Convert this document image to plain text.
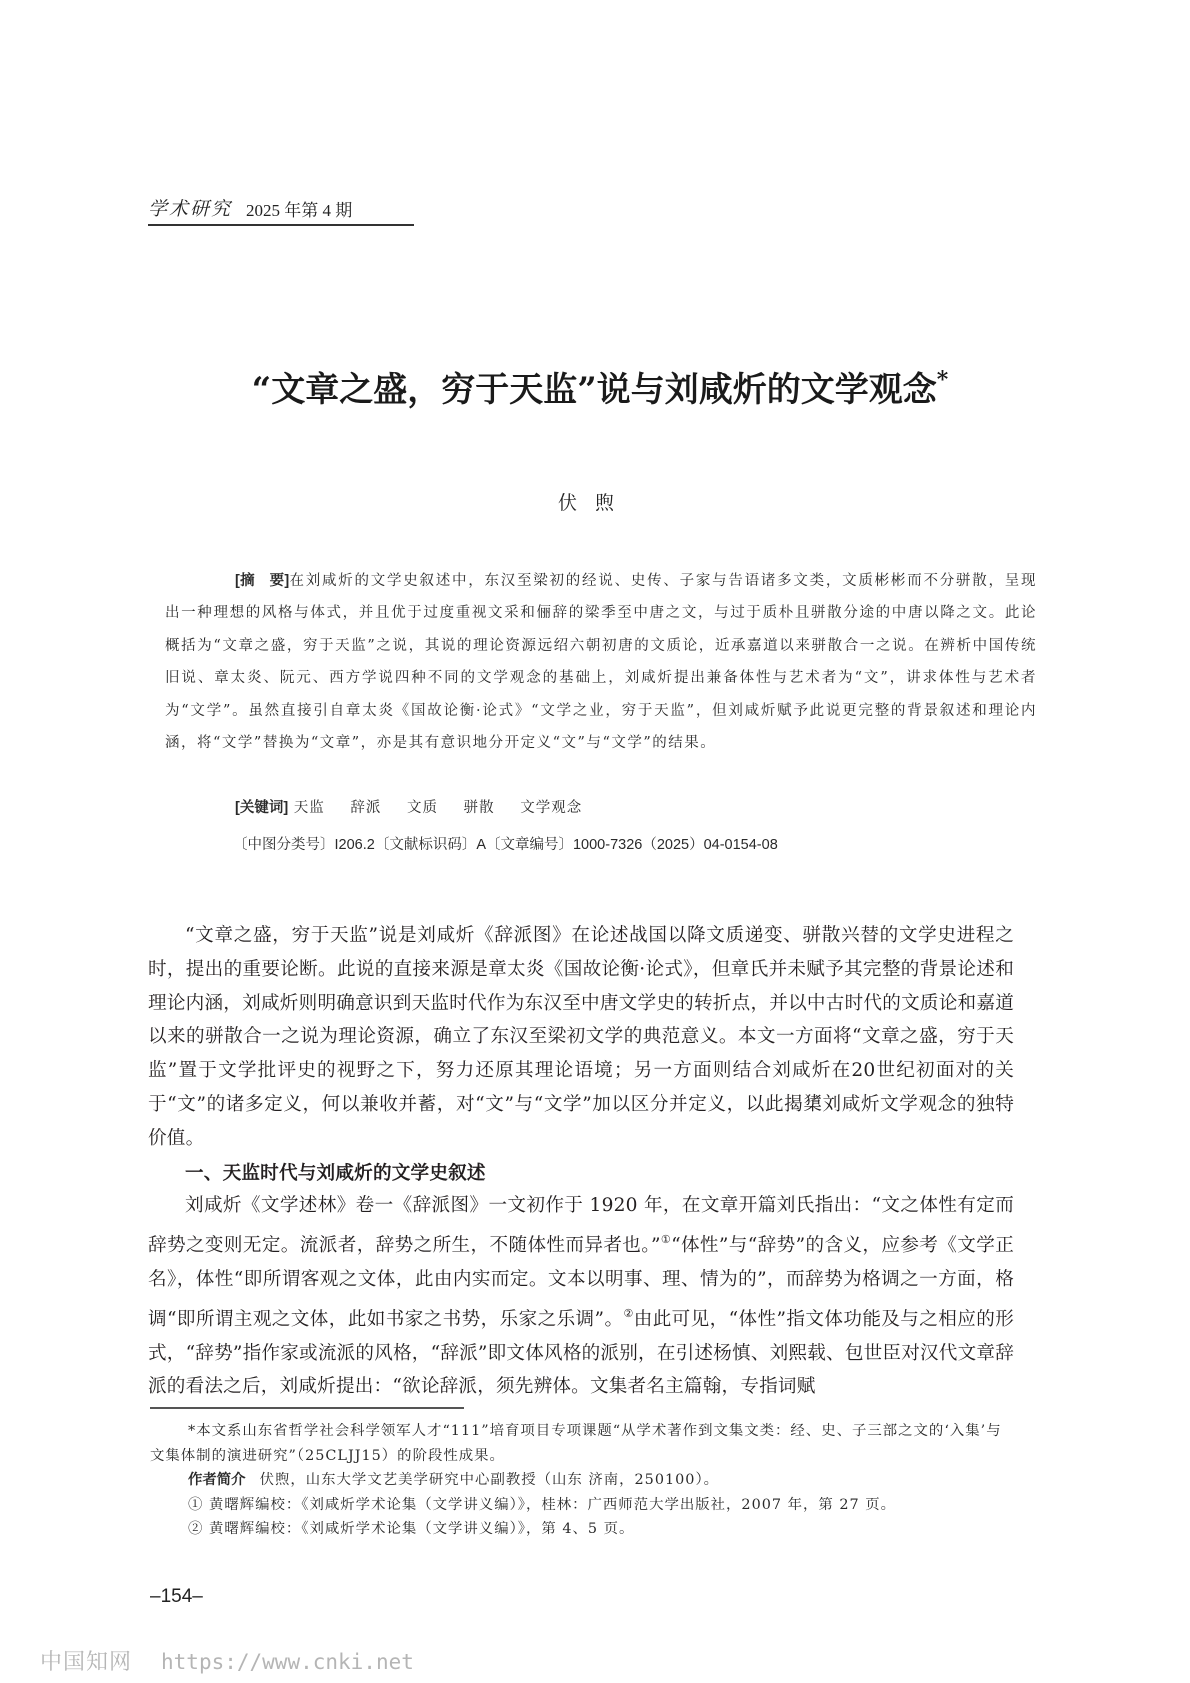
学术研究 2025 年第 4 期
“文章之盛，穷于天监”说与刘咸炘的文学观念*
伏煦
[摘　要]在刘咸炘的文学史叙述中，东汉至梁初的经说、史传、子家与告语诸多文类，文质彬彬而不分骈散，呈现出一种理想的风格与体式，并且优于过度重视文采和俪辞的梁季至中唐之文，与过于质朴且骈散分途的中唐以降之文。此论概括为“文章之盛，穷于天监”之说，其说的理论资源远绍六朝初唐的文质论，近承嘉道以来骈散合一之说。在辨析中国传统旧说、章太炎、阮元、西方学说四种不同的文学观念的基础上，刘咸炘提出兼备体性与艺术者为“文”，讲求体性与艺术者为“文学”。虽然直接引自章太炎《国故论衡·论式》“文学之业，穷于天监”，但刘咸炘赋予此说更完整的背景叙述和理论内涵，将“文学”替换为“文章”，亦是其有意识地分开定义“文”与“文学”的结果。
[关键词] 天监 辞派 文质 骈散 文学观念
〔中图分类号〕I206.2〔文献标识码〕A〔文章编号〕1000-7326（2025）04-0154-08

“文章之盛，穷于天监”说是刘咸炘《辞派图》在论述战国以降文质递变、骈散兴替的文学史进程之时，提出的重要论断。此说的直接来源是章太炎《国故论衡·论式》，但章氏并未赋予其完整的背景论述和理论内涵，刘咸炘则明确意识到天监时代作为东汉至中唐文学史的转折点，并以中古时代的文质论和嘉道以来的骈散合一之说为理论资源，确立了东汉至梁初文学的典范意义。本文一方面将“文章之盛，穷于天监”置于文学批评史的视野之下，努力还原其理论语境；另一方面则结合刘咸炘在20世纪初面对的关于“文”的诸多定义，何以兼收并蓄，对“文”与“文学”加以区分并定义，以此揭橥刘咸炘文学观念的独特价值。

一、天监时代与刘咸炘的文学史叙述

刘咸炘《文学述林》卷一《辞派图》一文初作于 1920 年，在文章开篇刘氏指出：“文之体性有定而辞势之变则无定。流派者，辞势之所生，不随体性而异者也。”①“体性”与“辞势”的含义，应参考《文学正名》，体性“即所谓客观之文体，此由内实而定。文本以明事、理、情为的”，而辞势为格调之一方面，格调“即所谓主观之文体，此如书家之书势，乐家之乐调”。②由此可见，“体性”指文体功能及与之相应的形式，“辞势”指作家或流派的风格，“辞派”即文体风格的派别，在引述杨慎、刘熙载、包世臣对汉代文章辞派的看法之后，刘咸炘提出：“欲论辞派，须先辨体。文集者名主篇翰，专指词赋

*本文系山东省哲学社会科学领军人才“111”培育项目专项课题“从学术著作到文集文类：经、史、子三部之文的‘入集’与文集体制的演进研究”（25CLJJ15）的阶段性成果。

作者简介 伏煦，山东大学文艺美学研究中心副教授（山东 济南，250100）。

① 黄曙辉编校：《刘咸炘学术论集（文学讲义编）》，桂林：广西师范大学出版社，2007 年，第 27 页。

② 黄曙辉编校：《刘咸炘学术论集（文学讲义编）》，第 4、5 页。

–154–
中国知网 https://www.cnki.net
